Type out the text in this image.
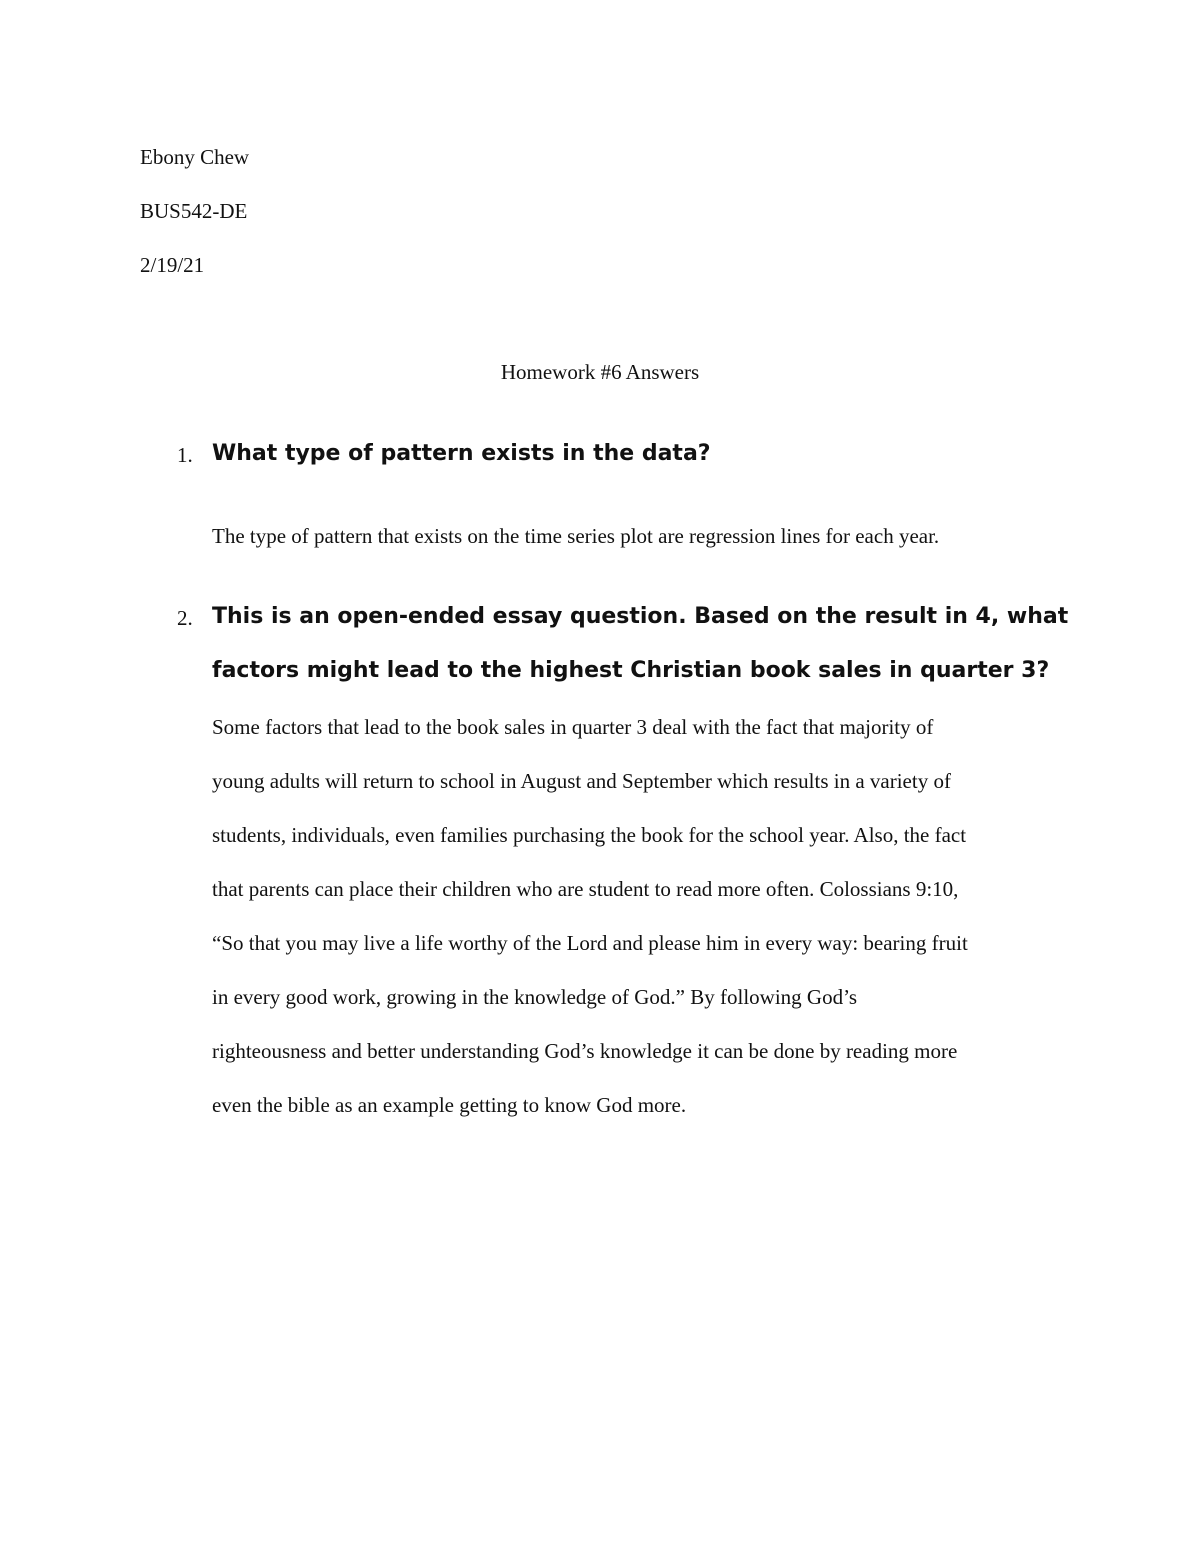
Ebony Chew

BUS542-DE

2/19/21

Homework #6 Answers

1. What type of pattern exists in the data?

The type of pattern that exists on the time series plot are regression lines for each year.

2. This is an open-ended essay question. Based on the result in 4, what
factors might lead to the highest Christian book sales in quarter 3?

Some factors that lead to the book sales in quarter 3 deal with the fact that majority of
young adults will return to school in August and September which results in a variety of
students, individuals, even families purchasing the book for the school year. Also, the fact
that parents can place their children who are student to read more often. Colossians 9:10,
“So that you may live a life worthy of the Lord and please him in every way: bearing fruit
in every good work, growing in the knowledge of God.” By following God’s
righteousness and better understanding God’s knowledge it can be done by reading more
even the bible as an example getting to know God more.
